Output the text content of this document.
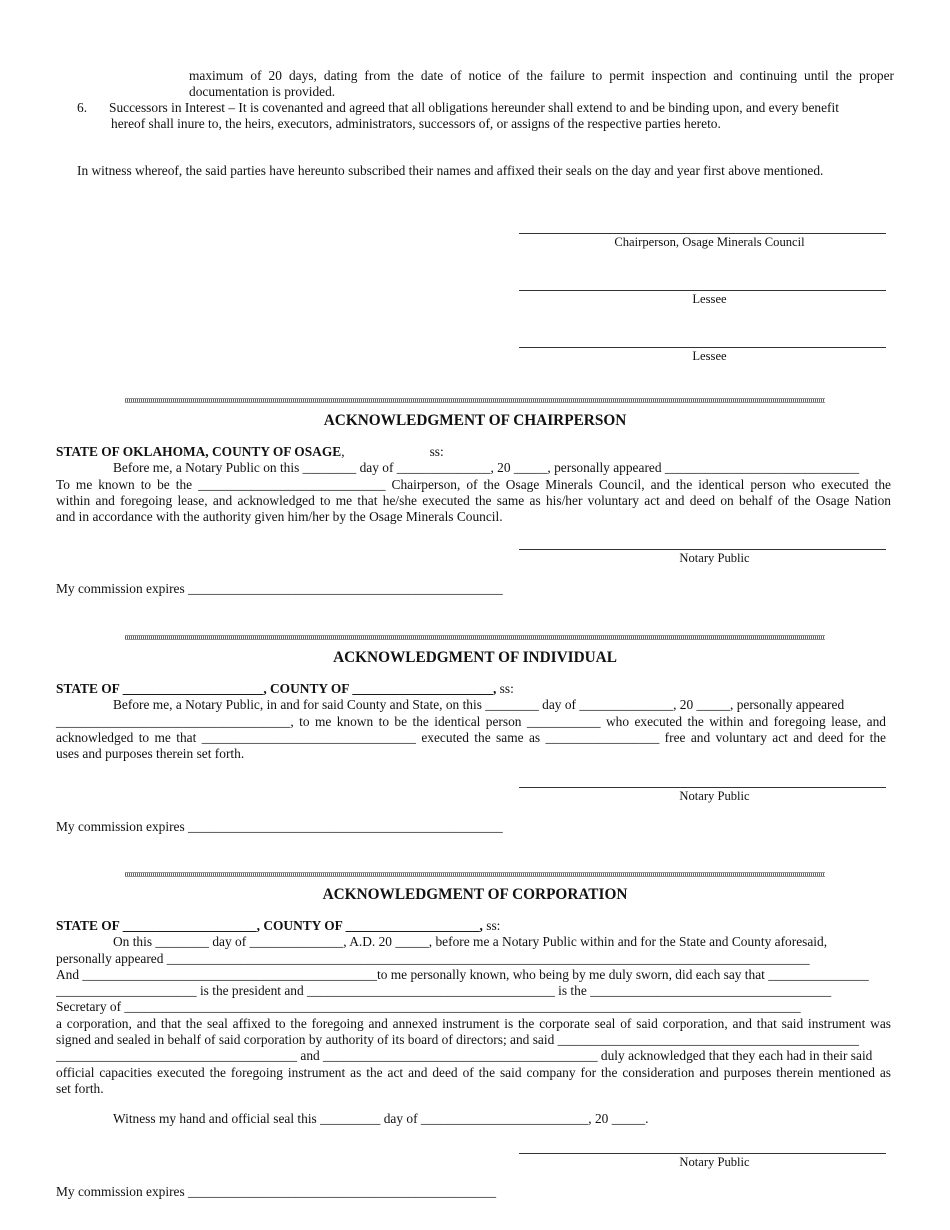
maximum of 20 days, dating from the date of notice of the failure to permit inspection and continuing until the proper
documentation is provided.
6. Successors in Interest – It is covenanted and agreed that all obligations hereunder shall extend to and be binding upon, and every benefit
hereof shall inure to, the heirs, executors, administrators, successors of, or assigns of the respective parties hereto.
In witness whereof, the said parties have hereunto subscribed their names and affixed their seals on the day and year first above mentioned.
Chairperson, Osage Minerals Council
Lessee
Lessee
ACKNOWLEDGMENT OF CHAIRPERSON
STATE OF OKLAHOMA, COUNTY OF OSAGE,	ss:
Before me, a Notary Public on this ________ day of ______________, 20 _____, personally appeared _____________________________
To me known to be the ____________________________ Chairperson, of the Osage Minerals Council, and the identical person who executed the
within and foregoing lease, and acknowledged to me that he/she executed the same as his/her voluntary act and deed on behalf of the Osage Nation
and in accordance with the authority given him/her by the Osage Minerals Council.
Notary Public
My commission expires _______________________________________________
ACKNOWLEDGMENT OF INDIVIDUAL
STATE OF _____________________, COUNTY OF _____________________, ss:
Before me, a Notary Public, in and for said County and State, on this ________ day of ______________, 20 _____, personally appeared
___________________________________, to me known to be the identical person ___________ who executed the within and foregoing lease, and
acknowledged to me that ________________________________ executed the same as _________________ free and voluntary act and deed for the
uses and purposes therein set forth.
Notary Public
My commission expires _______________________________________________
ACKNOWLEDGMENT OF CORPORATION
STATE OF ____________________, COUNTY OF ____________________, ss:
On this ________ day of ______________, A.D. 20 _____, before me a Notary Public within and for the State and County aforesaid,
personally appeared ________________________________________________________________________________________________
And ____________________________________________to me personally known, who being by me duly sworn, did each say that _______________
_____________________ is the president and _____________________________________ is the ____________________________________
Secretary of _____________________________________________________________________________________________________
a corporation, and that the seal affixed to the foregoing and annexed instrument is the corporate seal of said corporation, and that said instrument was
signed and sealed in behalf of said corporation by authority of its board of directors; and said _____________________________________________
____________________________________ and _________________________________________ duly acknowledged that they each had in their said
official capacities executed the foregoing instrument as the act and deed of the said company for the consideration and purposes therein mentioned as
set forth.
Witness my hand and official seal this _________ day of _________________________, 20 _____.
Notary Public
My commission expires ______________________________________________
